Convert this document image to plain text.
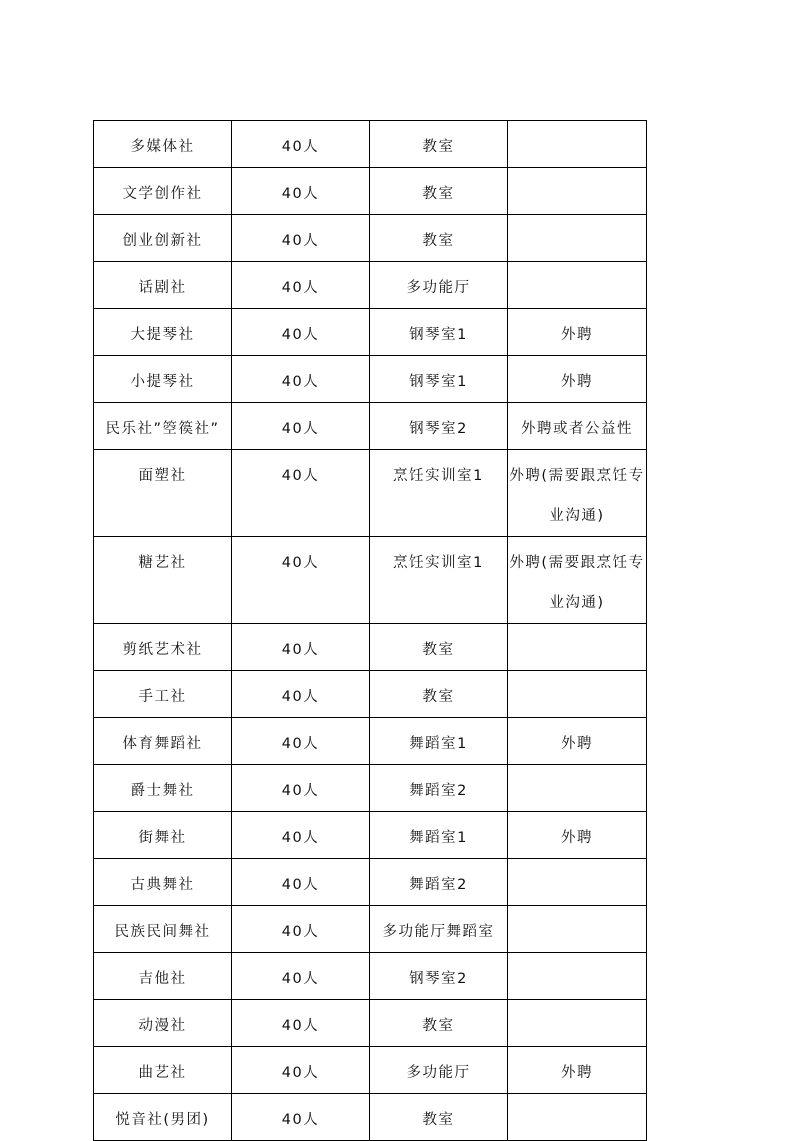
多媒体社	40人	教室	
文学创作社	40人	教室	
创业创新社	40人	教室	
话剧社	40人	多功能厅	
大提琴社	40人	钢琴室1	外聘
小提琴社	40人	钢琴室1	外聘
民乐社”箜篌社”	40人	钢琴室2	外聘或者公益性
面塑社	40人	烹饪实训室1	外聘(需要跟烹饪专业沟通)
糖艺社	40人	烹饪实训室1	外聘(需要跟烹饪专业沟通)
剪纸艺术社	40人	教室	
手工社	40人	教室	
体育舞蹈社	40人	舞蹈室1	外聘
爵士舞社	40人	舞蹈室2	
街舞社	40人	舞蹈室1	外聘
古典舞社	40人	舞蹈室2	
民族民间舞社	40人	多功能厅舞蹈室	
吉他社	40人	钢琴室2	
动漫社	40人	教室	
曲艺社	40人	多功能厅	外聘
悦音社(男团)	40人	教室	
